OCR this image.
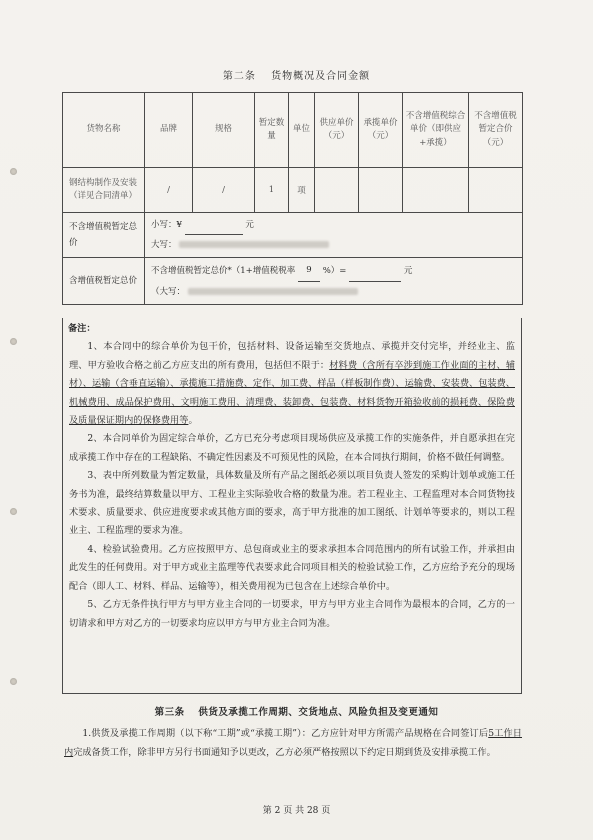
第二条　 货物概况及合同金额
货物名称	品牌	规格	暂定数量	单位	供应单价（元）	承揽单价（元）	不含增值税综合单价（即供应+承揽）	不含增值税暂定合价（元）
钢结构制作及安装（详见合同清单）	/	/	1	项				
不含增值税暂定总价	小写：¥ 元
大写：							

含增值税暂定总价	不含增值税暂定总价*（1+增值税税率 9 %）= 元
（大写：							
备注：

1、本合同中的综合单价为包干价，包括材料、设备运输至交货地点、承揽并交付完毕，并经业主、监理、甲方验收合格之前乙方应支出的所有费用，包括但不限于：材料费（含所有卒涉到施工作业面的主材、辅材）、运输（含垂直运输）、承揽施工措施费、定作、加工费、样品（样板制作费）、运输费、安装费、包装费、机械费用、成品保护费用、文明施工费用、清理费、装卸费、包装费、材料货物开箱验收前的损耗费、保险费及质量保证期内的保修费用等。

2、本合同单价为固定综合单价，乙方已充分考虑项目现场供应及承揽工作的实施条件，并自愿承担在完成承揽工作中存在的工程缺陷、不确定性因素及不可预见性的风险，在本合同执行期间，价格不做任何调整。

3、表中所列数量为暂定数量，具体数量及所有产品之图纸必须以项目负责人签发的采购计划单或施工任务书为准，最终结算数量以甲方、工程业主实际验收合格的数量为准。若工程业主、工程监理对本合同货物技术要求、质量要求、供应进度要求或其他方面的要求，高于甲方批准的加工图纸、计划单等要求的，则以工程业主、工程监理的要求为准。

4、检验试验费用。乙方应按照甲方、总包商或业主的要求承担本合同范围内的所有试验工作，并承担由此发生的任何费用。对于甲方或业主监理等代表要求此合同项目相关的检验试验工作，乙方应给予充分的现场配合（即人工、材料、样品、运输等），相关费用视为已包含在上述综合单价中。

5、乙方无条件执行甲方与甲方业主合同的一切要求，甲方与甲方业主合同作为最根本的合同，乙方的一切请求和甲方对乙方的一切要求均应以甲方与甲方业主合同为准。

第三条　 供货及承揽工作周期、交货地点、风险负担及变更通知

1.供货及承揽工作周期（以下称“工期”或“承揽工期”）：乙方应针对甲方所需产品规格在合同签订后5工作日内完成备货工作，除非甲方另行书面通知予以更改，乙方必须严格按照以下约定日期到货及安排承揽工作。

第 2 页 共 28 页
